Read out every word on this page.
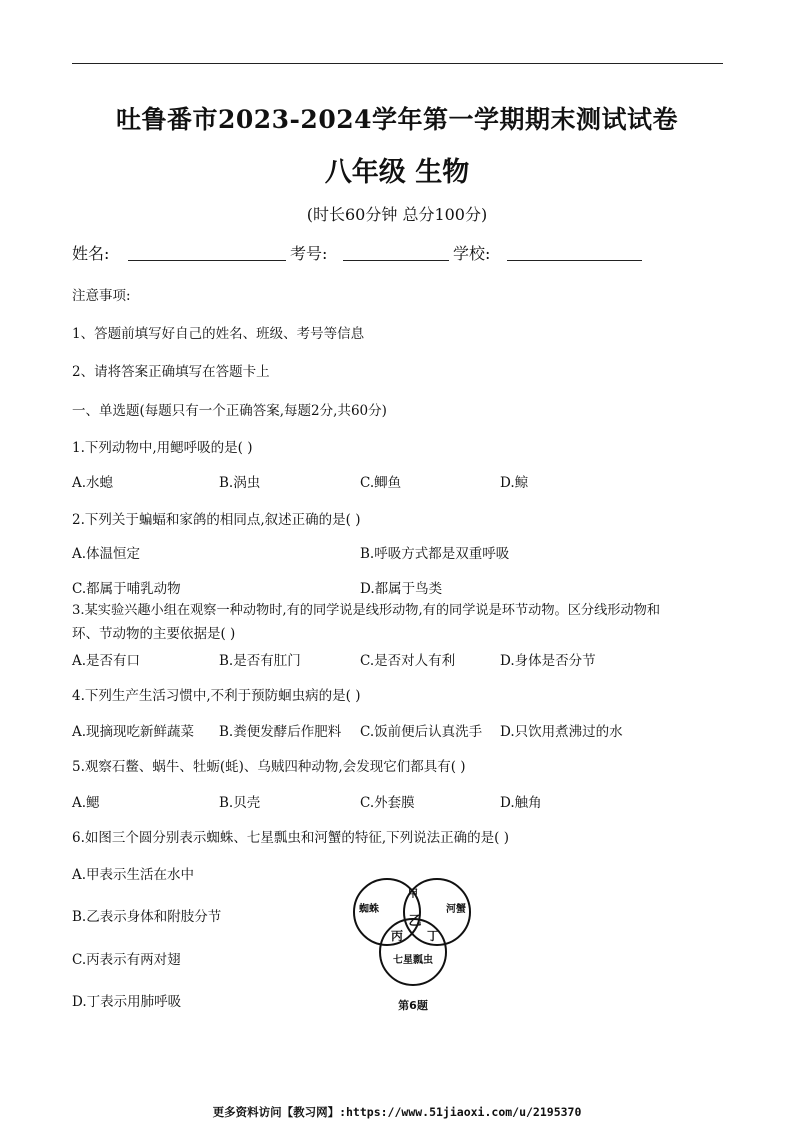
吐鲁番市2023-2024学年第一学期期末测试试卷
八年级 生物
(时长60分钟 总分100分)
姓名:	考号:	学校:
注意事项:
1、答题前填写好自己的姓名、班级、考号等信息
2、请将答案正确填写在答题卡上
一、单选题(每题只有一个正确答案,每题2分,共60分)
1.下列动物中,用鳃呼吸的是( )
A.水螅	B.涡虫	C.鲫鱼	D.鲸
2.下列关于蝙蝠和家鸽的相同点,叙述正确的是( )
A.体温恒定	B.呼吸方式都是双重呼吸
C.都属于哺乳动物	D.都属于鸟类
3.某实验兴趣小组在观察一种动物时,有的同学说是线形动物,有的同学说是环节动物。区分线形动物和
环、节动物的主要依据是( )
A.是否有口	B.是否有肛门	C.是否对人有利	D.身体是否分节
4.下列生产生活习惯中,不利于预防蛔虫病的是( )
A.现摘现吃新鲜蔬菜 B.粪便发酵后作肥料 C.饭前便后认真洗手 D.只饮用煮沸过的水
5.观察石鳖、蜗牛、牡蛎(蚝)、乌贼四种动物,会发现它们都具有( )
A.鳃	B.贝壳	C.外套膜	D.触角
6.如图三个圆分别表示蜘蛛、七星瓢虫和河蟹的特征,下列说法正确的是( )
A.甲表示生活在水中
B.乙表示身体和附肢分节
C.丙表示有两对翅
D.丁表示用肺呼吸
蜘蛛	河蟹
甲
乙
丙 丁
七星瓢虫
第6题
更多资料访问【教习网】:https://www.51jiaoxi.com/u/2195370
